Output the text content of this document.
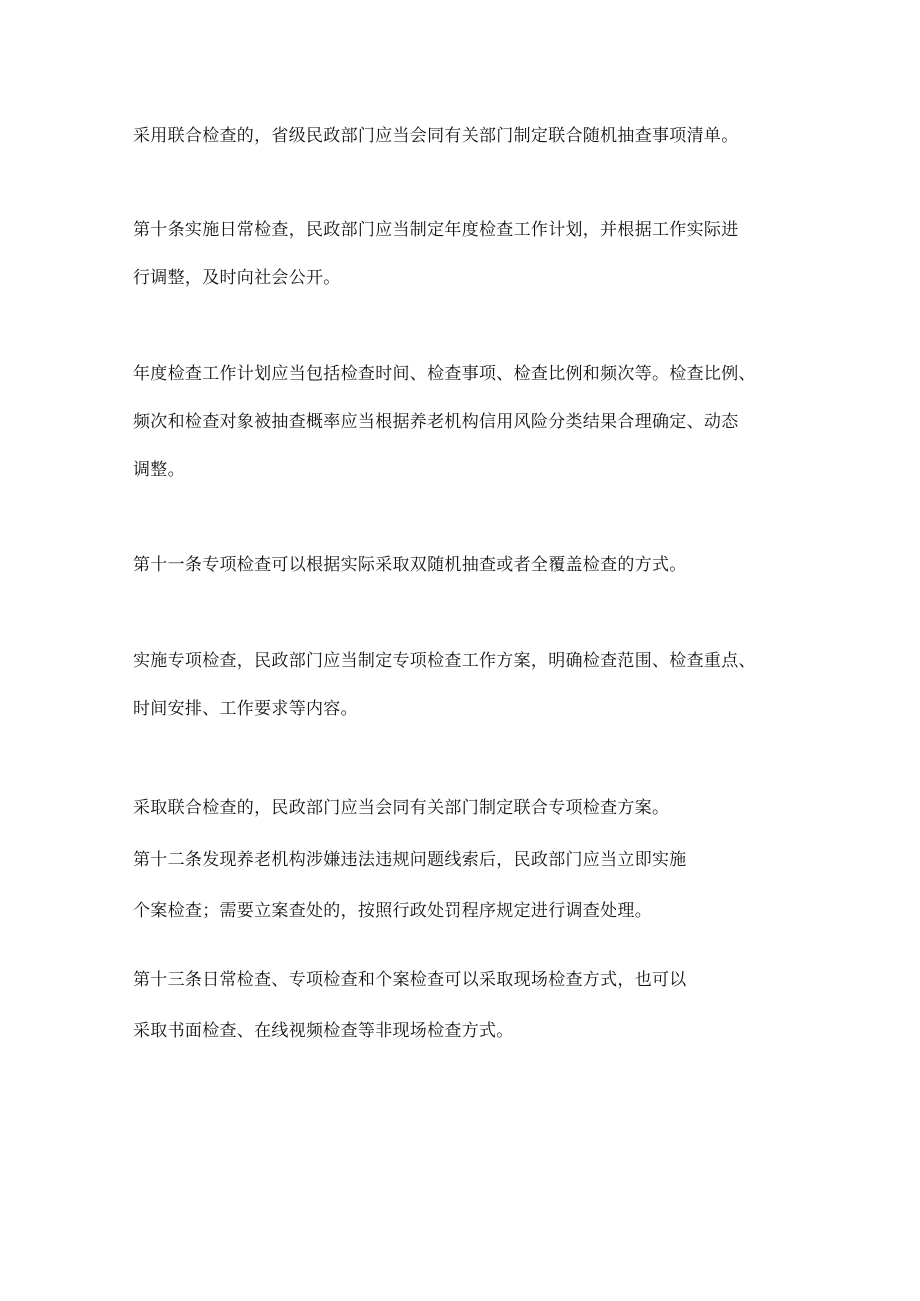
采用联合检查的，省级民政部门应当会同有关部门制定联合随机抽查事项清单。
第十条实施日常检查，民政部门应当制定年度检查工作计划，并根据工作实际进
行调整，及时向社会公开。
年度检查工作计划应当包括检查时间、检查事项、检查比例和频次等。检查比例、
频次和检查对象被抽查概率应当根据养老机构信用风险分类结果合理确定、动态
调整。
第十一条专项检查可以根据实际采取双随机抽查或者全覆盖检查的方式。
实施专项检查，民政部门应当制定专项检查工作方案，明确检查范围、检查重点、
时间安排、工作要求等内容。
采取联合检查的，民政部门应当会同有关部门制定联合专项检查方案。
第十二条发现养老机构涉嫌违法违规问题线索后，民政部门应当立即实施
个案检查；需要立案查处的，按照行政处罚程序规定进行调查处理。
第十三条日常检查、专项检查和个案检查可以采取现场检查方式，也可以
采取书面检查、在线视频检查等非现场检查方式。
